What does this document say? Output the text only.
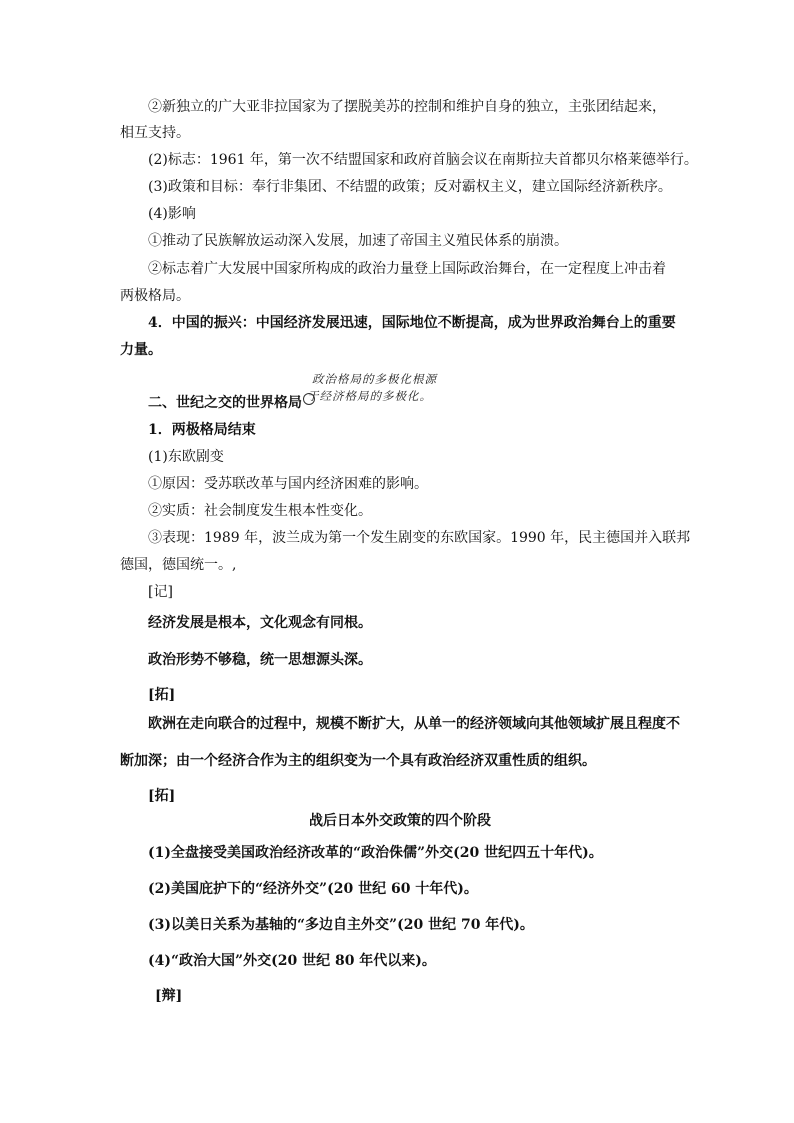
②新独立的广大亚非拉国家为了摆脱美苏的控制和维护自身的独立，主张团结起来，
相互支持。
(2)标志：1961 年，第一次不结盟国家和政府首脑会议在南斯拉夫首都贝尔格莱德举行。
(3)政策和目标：奉行非集团、不结盟的政策；反对霸权主义，建立国际经济新秩序。
(4)影响
①推动了民族解放运动深入发展，加速了帝国主义殖民体系的崩溃。
②标志着广大发展中国家所构成的政治力量登上国际政治舞台，在一定程度上冲击着
两极格局。
4．中国的振兴：中国经济发展迅速，国际地位不断提高，成为世界政治舞台上的重要
力量。
政治格局的多极化根源
二、世纪之交的世界格局 于经济格局的多极化。
1．两极格局结束
(1)东欧剧变
①原因：受苏联改革与国内经济困难的影响。
②实质：社会制度发生根本性变化。
③表现：1989 年，波兰成为第一个发生剧变的东欧国家。1990 年，民主德国并入联邦
德国，德国统一。,
[记]
经济发展是根本，文化观念有同根。
政治形势不够稳，统一思想源头深。
[拓]
欧洲在走向联合的过程中，规模不断扩大，从单一的经济领域向其他领域扩展且程度不
断加深；由一个经济合作为主的组织变为一个具有政治经济双重性质的组织。
[拓]
战后日本外交政策的四个阶段
(1)全盘接受美国政治经济改革的“政治侏儒”外交(20 世纪四五十年代)。
(2)美国庇护下的“经济外交”(20 世纪 60 十年代)。
(3)以美日关系为基轴的“多边自主外交”(20 世纪 70 年代)。
(4)“政治大国”外交(20 世纪 80 年代以来)。
[辩]
